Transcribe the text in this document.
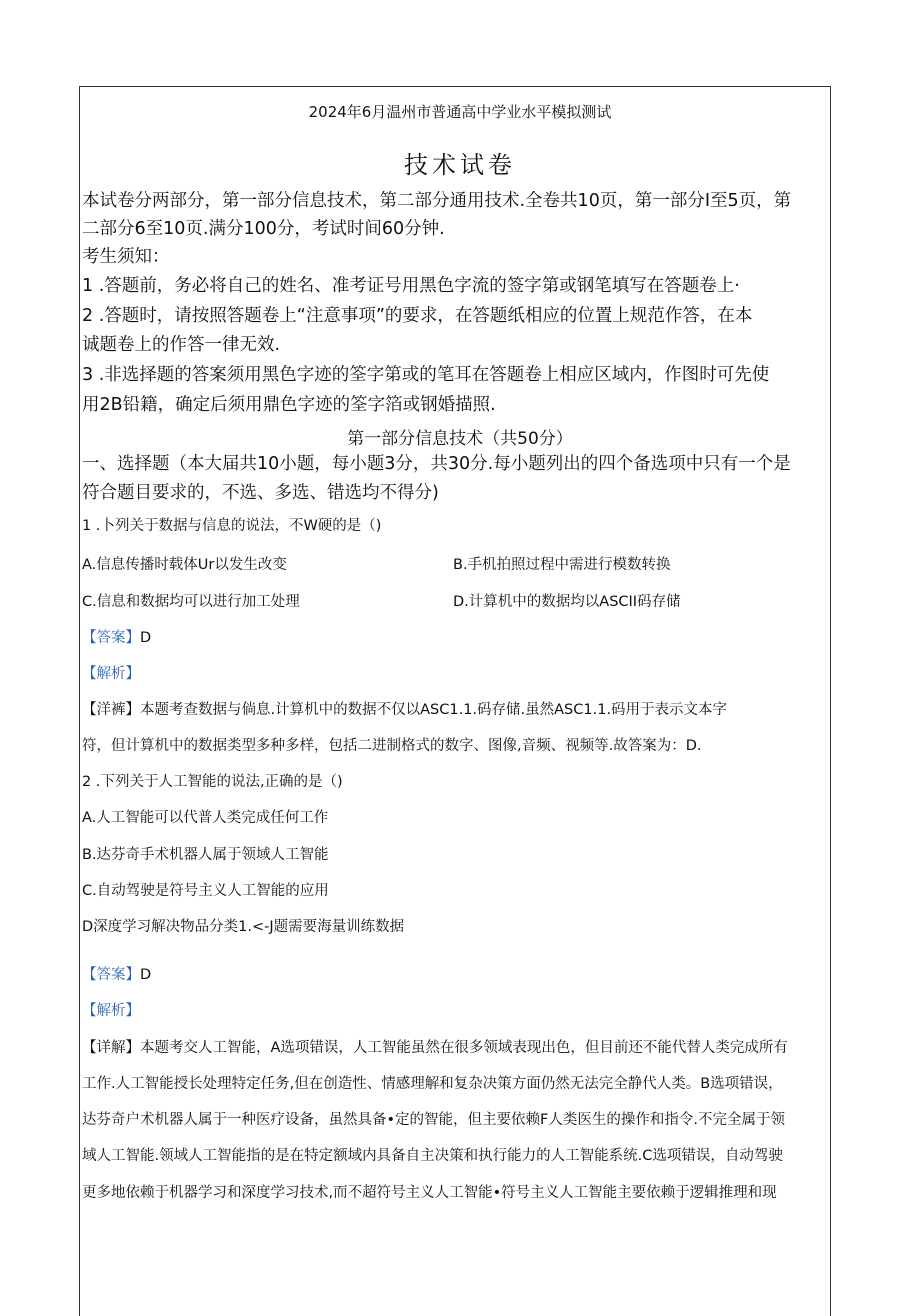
2024年6月温州市普通高中学业水平模拟测试
技术试卷
本试卷分两部分，第一部分信息技术，第二部分通用技术.全卷共10页，第一部分I至5页，第
二部分6至10页.满分100分，考试时间60分钟.
考生须知：
1 .答题前，务必将自己的姓名、准考证号用黑色字流的签字第或钢笔填写在答题卷上·
2 .答题时，请按照答题卷上“注意事项”的要求，在答题纸相应的位置上规范作答，在本
诚题卷上的作答一律无效.
3 .非选择题的答案须用黑色字迹的筌字第或的笔耳在答题卷上相应区域内，作图时可先使
用2B铅籍，确定后须用鼎色字迹的筌字箔或钢婚描照.
第一部分信息技术（共50分）
一、选择题（本大届共10小题，每小题3分，共30分.每小题列出的四个备选项中只有一个是
符合题目要求的，不选、多选、错选均不得分)
1 .卜列关于数据与信息的说法，不W硬的是（)
A.信息传播时载体Ur以发生改变	B.手机拍照过程中需进行模数转换
C.信息和数据均可以进行加工处理	D.计算机中的数据均以ASCII码存储
【答案】D
【解析】
【洋裤】本题考查数据与倘息.计算机中的数据不仅以ASC1.1.码存储.虽然ASC1.1.码用于表示文本字
符，但计算机中的数据类型多种多样，包括二进制格式的数字、图像,音频、视频等.故答案为：D.
2 .下列关于人工智能的说法,正确的是（)
A.人工智能可以代普人类完成任何工作
B.达芬奇手术机器人属于领域人工智能
C.自动驾驶是符号主义人工智能的应用
D深度学习解决物品分类1.<-J题需要海量训练数据
【答案】D
【解析】
【详解】本题考交人工智能，A选项错误，人工智能虽然在很多领域表现出色，但目前还不能代替人类完成所有
工作.人工智能授长处理特定任务,但在创造性、情感理解和复杂决策方面仍然无法完全静代人类。B选项错误，
达芬奇户术机器人属于一种医疗设备，虽然具备•定的智能，但主要依赖F人类医生的操作和指令.不完全属于领
域人工智能.领域人工智能指的是在特定额域内具备自主决策和执行能力的人工智能系统.C选项错误，自动驾驶
更多地依赖于机器学习和深度学习技术,而不超符号主义人工智能•符号主义人工智能主要依赖于逻辑推理和现
